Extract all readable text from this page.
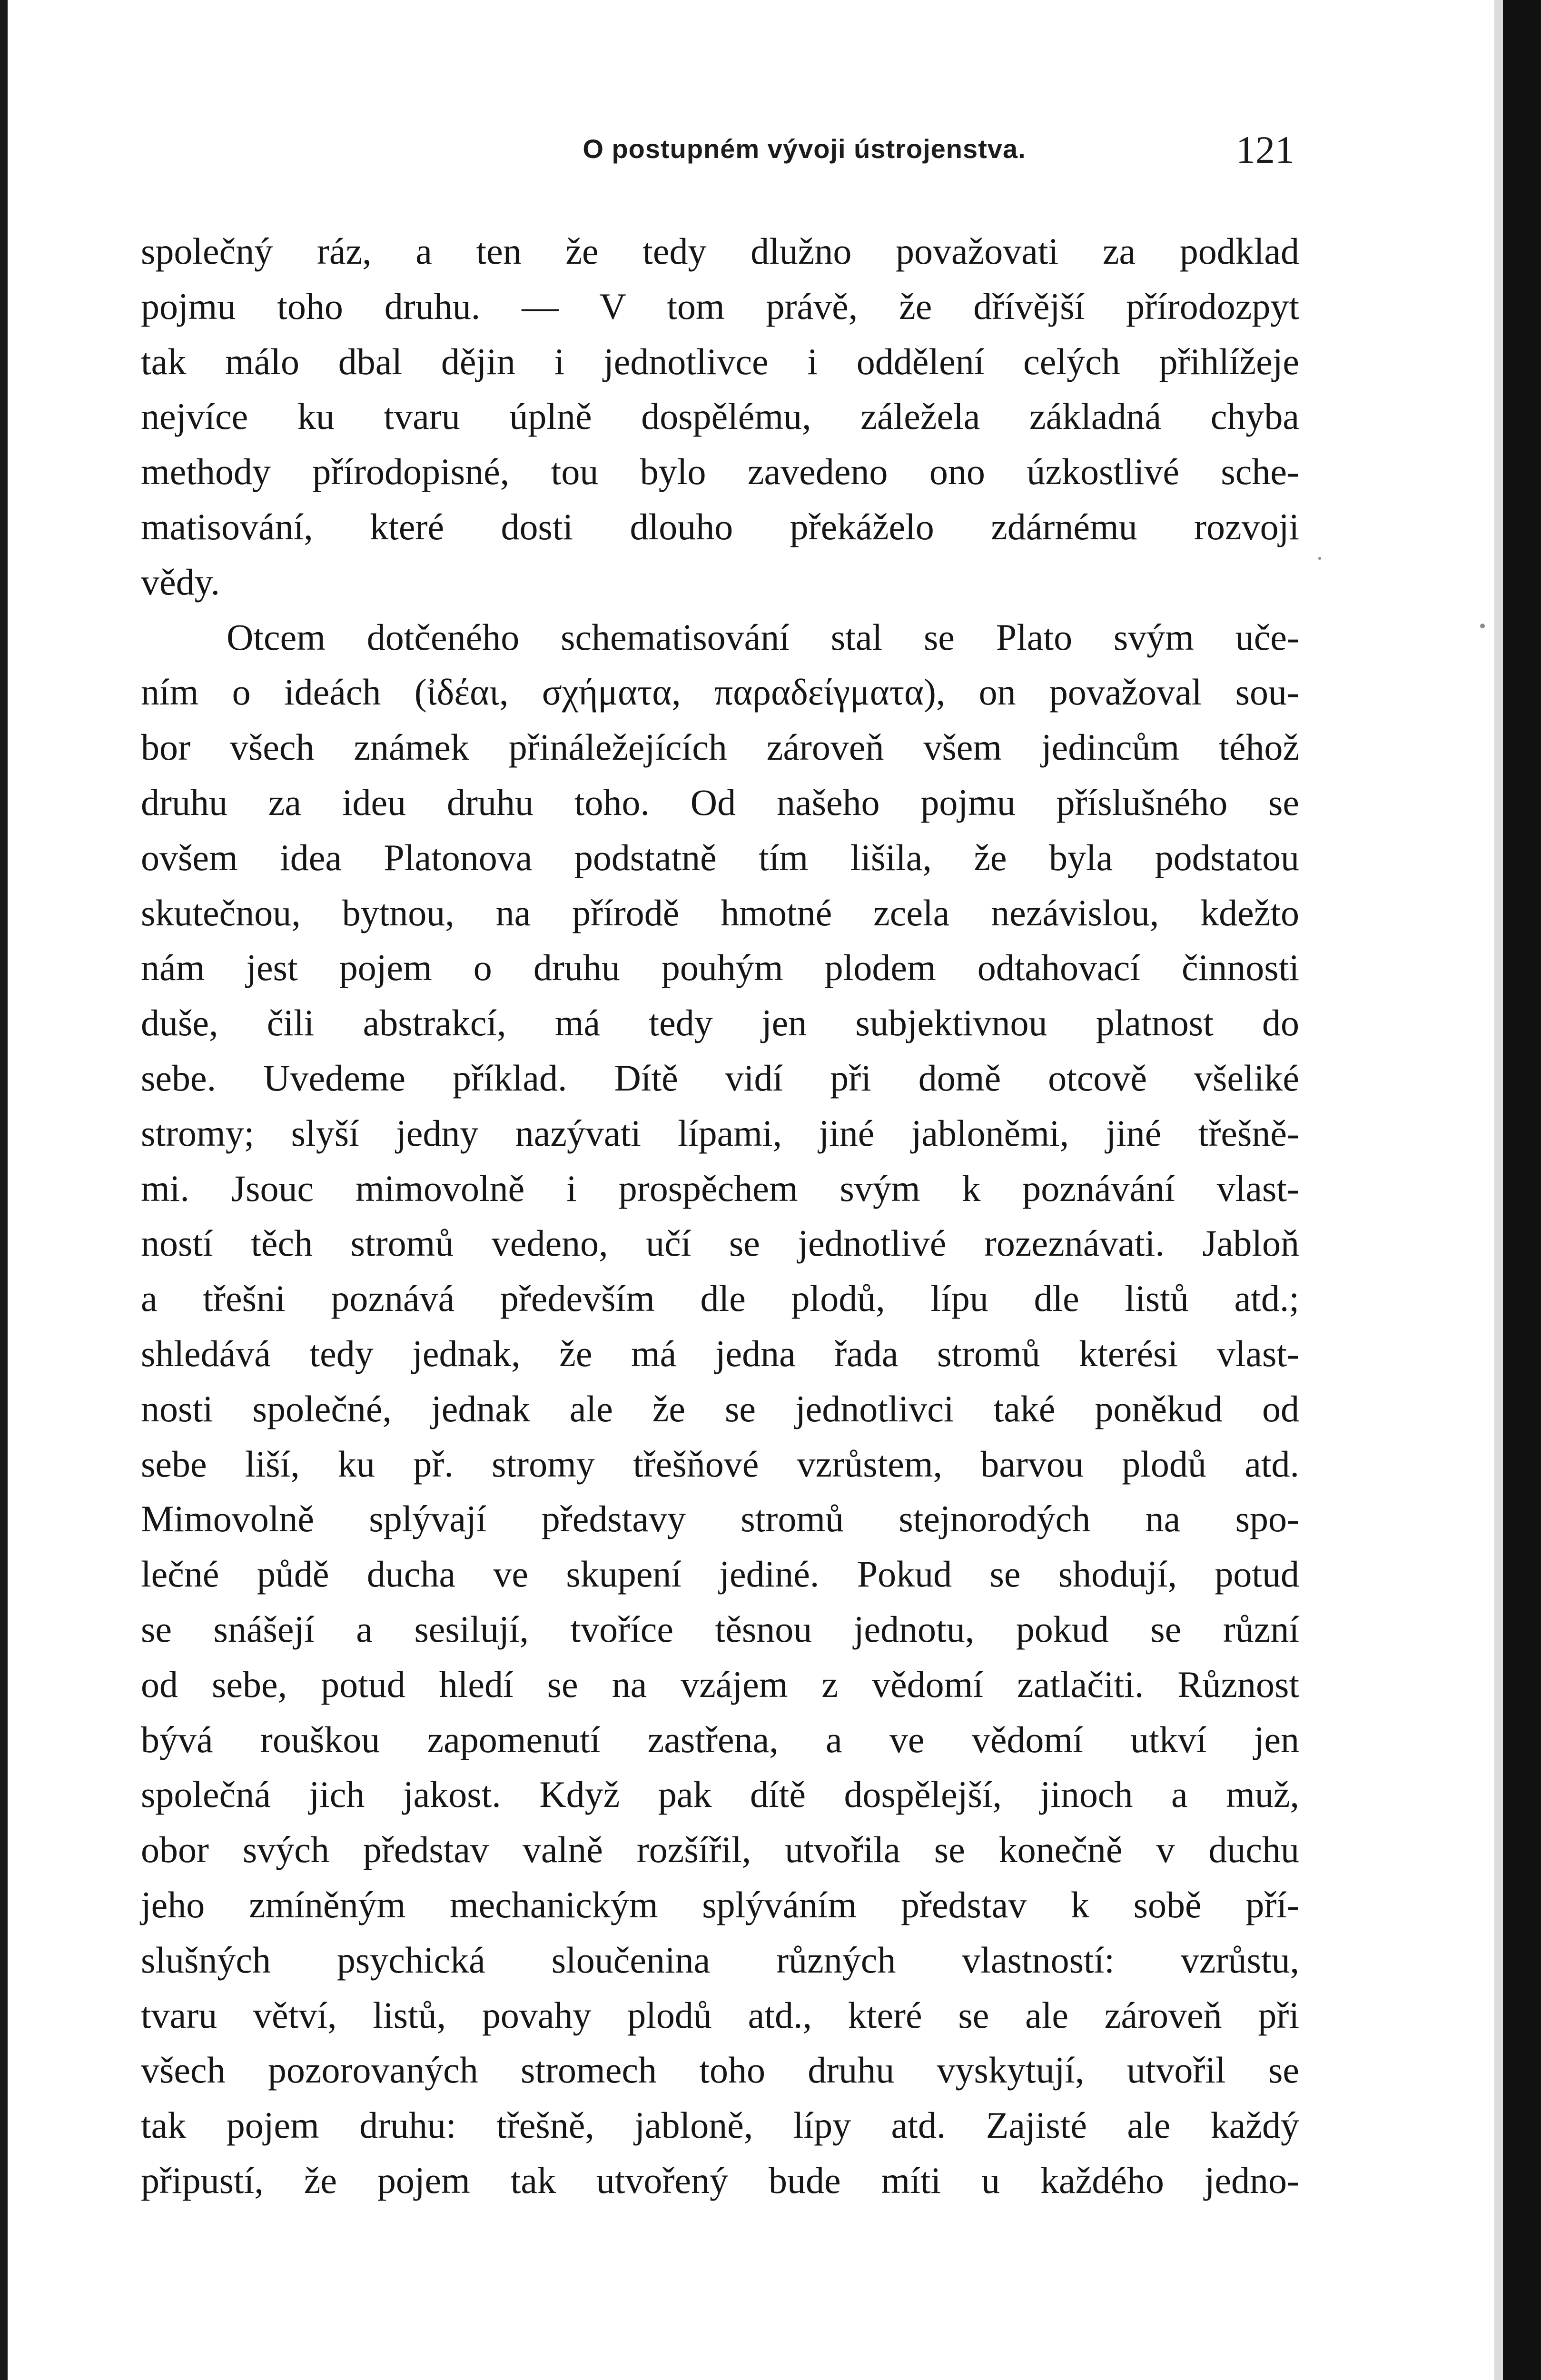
O postupném vývoji ústrojenstva.	121
společný ráz, a ten že tedy dlužno považovati za podklad
pojmu toho druhu. — V tom právě, že dřívější přírodozpyt
tak málo dbal dějin i jednotlivce i oddělení celých přihlížeje
nejvíce ku tvaru úplně dospělému, záležela základná chyba
methody přírodopisné, tou bylo zavedeno ono úzkostlivé sche-
matisování, které dosti dlouho překáželo zdárnému rozvoji
vědy.
Otcem dotčeného schematisování stal se Plato svým uče-
ním o ideách (ἰδέαι, σχήματα, παραδείγματα), on považoval sou-
bor všech známek přináležejících zároveň všem jedincům téhož
druhu za ideu druhu toho. Od našeho pojmu příslušného se
ovšem idea Platonova podstatně tím lišila, že byla podstatou
skutečnou, bytnou, na přírodě hmotné zcela nezávislou, kdežto
nám jest pojem o druhu pouhým plodem odtahovací činnosti
duše, čili abstrakcí, má tedy jen subjektivnou platnost do
sebe. Uvedeme příklad. Dítě vidí při domě otcově všeliké
stromy; slyší jedny nazývati lípami, jiné jabloněmi, jiné třešně-
mi. Jsouc mimovolně i prospěchem svým k poznávání vlast-
ností těch stromů vedeno, učí se jednotlivé rozeznávati. Jabloň
a třešni poznává především dle plodů, lípu dle listů atd.;
shledává tedy jednak, že má jedna řada stromů kterési vlast-
nosti společné, jednak ale že se jednotlivci také poněkud od
sebe liší, ku př. stromy třešňové vzrůstem, barvou plodů atd.
Mimovolně splývají představy stromů stejnorodých na spo-
lečné půdě ducha ve skupení jediné. Pokud se shodují, potud
se snášejí a sesilují, tvoříce těsnou jednotu, pokud se různí
od sebe, potud hledí se na vzájem z vědomí zatlačiti. Různost
bývá rouškou zapomenutí zastřena, a ve vědomí utkví jen
společná jich jakost. Když pak dítě dospělejší, jinoch a muž,
obor svých představ valně rozšířil, utvořila se konečně v duchu
jeho zmíněným mechanickým splýváním představ k sobě pří-
slušných psychická sloučenina různých vlastností: vzrůstu,
tvaru větví, listů, povahy plodů atd., které se ale zároveň při
všech pozorovaných stromech toho druhu vyskytují, utvořil se
tak pojem druhu: třešně, jabloně, lípy atd. Zajisté ale každý
připustí, že pojem tak utvořený bude míti u každého jedno-
